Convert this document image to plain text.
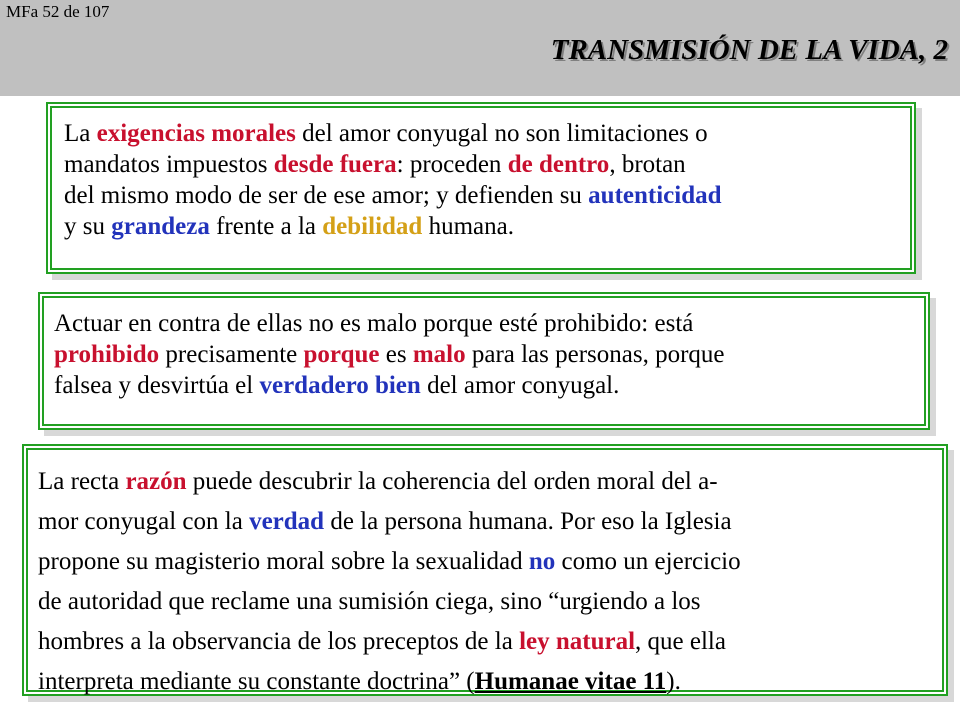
MFa 52 de 107
TRANSMISIÓN DE LA VIDA, 2

La exigencias morales del amor conyugal no son limitaciones o
mandatos impuestos desde fuera: proceden de dentro, brotan
del mismo modo de ser de ese amor; y defienden su autenticidad
y su grandeza frente a la debilidad humana.

Actuar en contra de ellas no es malo porque esté prohibido: está
prohibido precisamente porque es malo para las personas, porque
falsea y desvirtúa el verdadero bien del amor conyugal.

La recta razón puede descubrir la coherencia del orden moral del a-
mor conyugal con la verdad de la persona humana. Por eso la Iglesia
propone su magisterio moral sobre la sexualidad no como un ejercicio
de autoridad que reclame una sumisión ciega, sino “urgiendo a los
hombres a la observancia de los preceptos de la ley natural, que ella
interpreta mediante su constante doctrina” (Humanae vitae 11).
